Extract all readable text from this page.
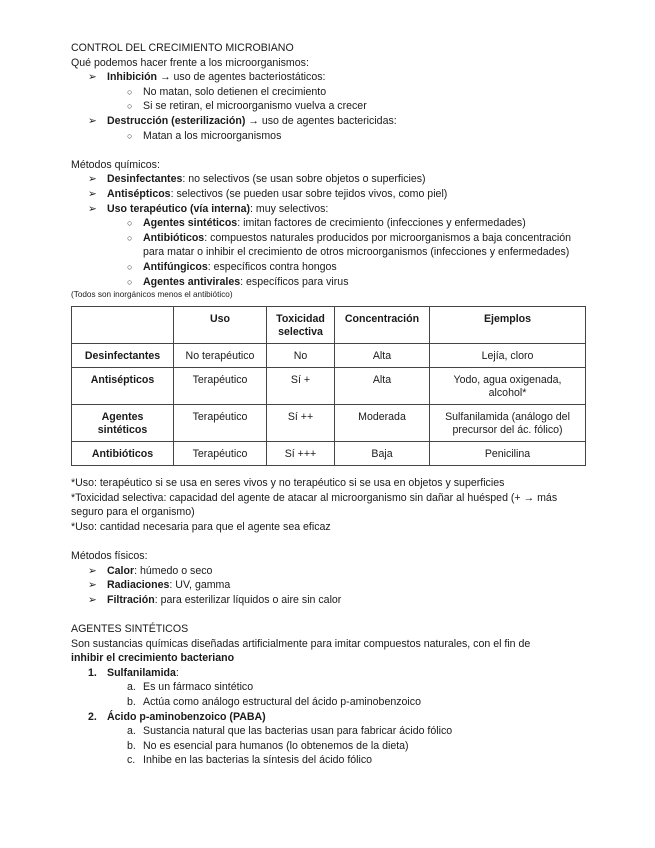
CONTROL DEL CRECIMIENTO MICROBIANO
Qué podemos hacer frente a los microorganismos:
➢ Inhibición → uso de agentes bacteriostáticos:
○ No matan, solo detienen el crecimiento
○ Si se retiran, el microorganismo vuelva a crecer
➢ Destrucción (esterilización) → uso de agentes bactericidas:
○ Matan a los microorganismos
Métodos químicos:
➢ Desinfectantes: no selectivos (se usan sobre objetos o superficies)
➢ Antisépticos: selectivos (se pueden usar sobre tejidos vivos, como piel)
➢ Uso terapéutico (vía interna): muy selectivos:
○ Agentes sintéticos: imitan factores de crecimiento (infecciones y enfermedades)
○ Antibióticos: compuestos naturales producidos por microorganismos a baja concentración para matar o inhibir el crecimiento de otros microorganismos (infecciones y enfermedades)
○ Antifúngicos: específicos contra hongos
○ Agentes antivirales: específicos para virus
(Todos son inorgánicos menos el antibiótico)
	Uso	Toxicidad selectiva	Concentración	Ejemplos
Desinfectantes	No terapéutico	No	Alta	Lejía, cloro
Antisépticos	Terapéutico	Sí +	Alta	Yodo, agua oxigenada, alcohol*
Agentes sintéticos	Terapéutico	Sí ++	Moderada	Sulfanilamida (análogo del precursor del ác. fólico)
Antibióticos	Terapéutico	Sí +++	Baja	Penicilina
*Uso: terapéutico si se usa en seres vivos y no terapéutico si se usa en objetos y superficies
*Toxicidad selectiva: capacidad del agente de atacar al microorganismo sin dañar al huésped (+ → más seguro para el organismo)
*Uso: cantidad necesaria para que el agente sea eficaz
Métodos físicos:
➢ Calor: húmedo o seco
➢ Radiaciones: UV, gamma
➢ Filtración: para esterilizar líquidos o aire sin calor
AGENTES SINTÉTICOS
Son sustancias químicas diseñadas artificialmente para imitar compuestos naturales, con el fin de
inhibir el crecimiento bacteriano
1. Sulfanilamida:
a. Es un fármaco sintético
b. Actúa como análogo estructural del ácido p-aminobenzoico
2. Ácido p-aminobenzoico (PABA)
a. Sustancia natural que las bacterias usan para fabricar ácido fólico
b. No es esencial para humanos (lo obtenemos de la dieta)
c. Inhibe en las bacterias la síntesis del ácido fólico
